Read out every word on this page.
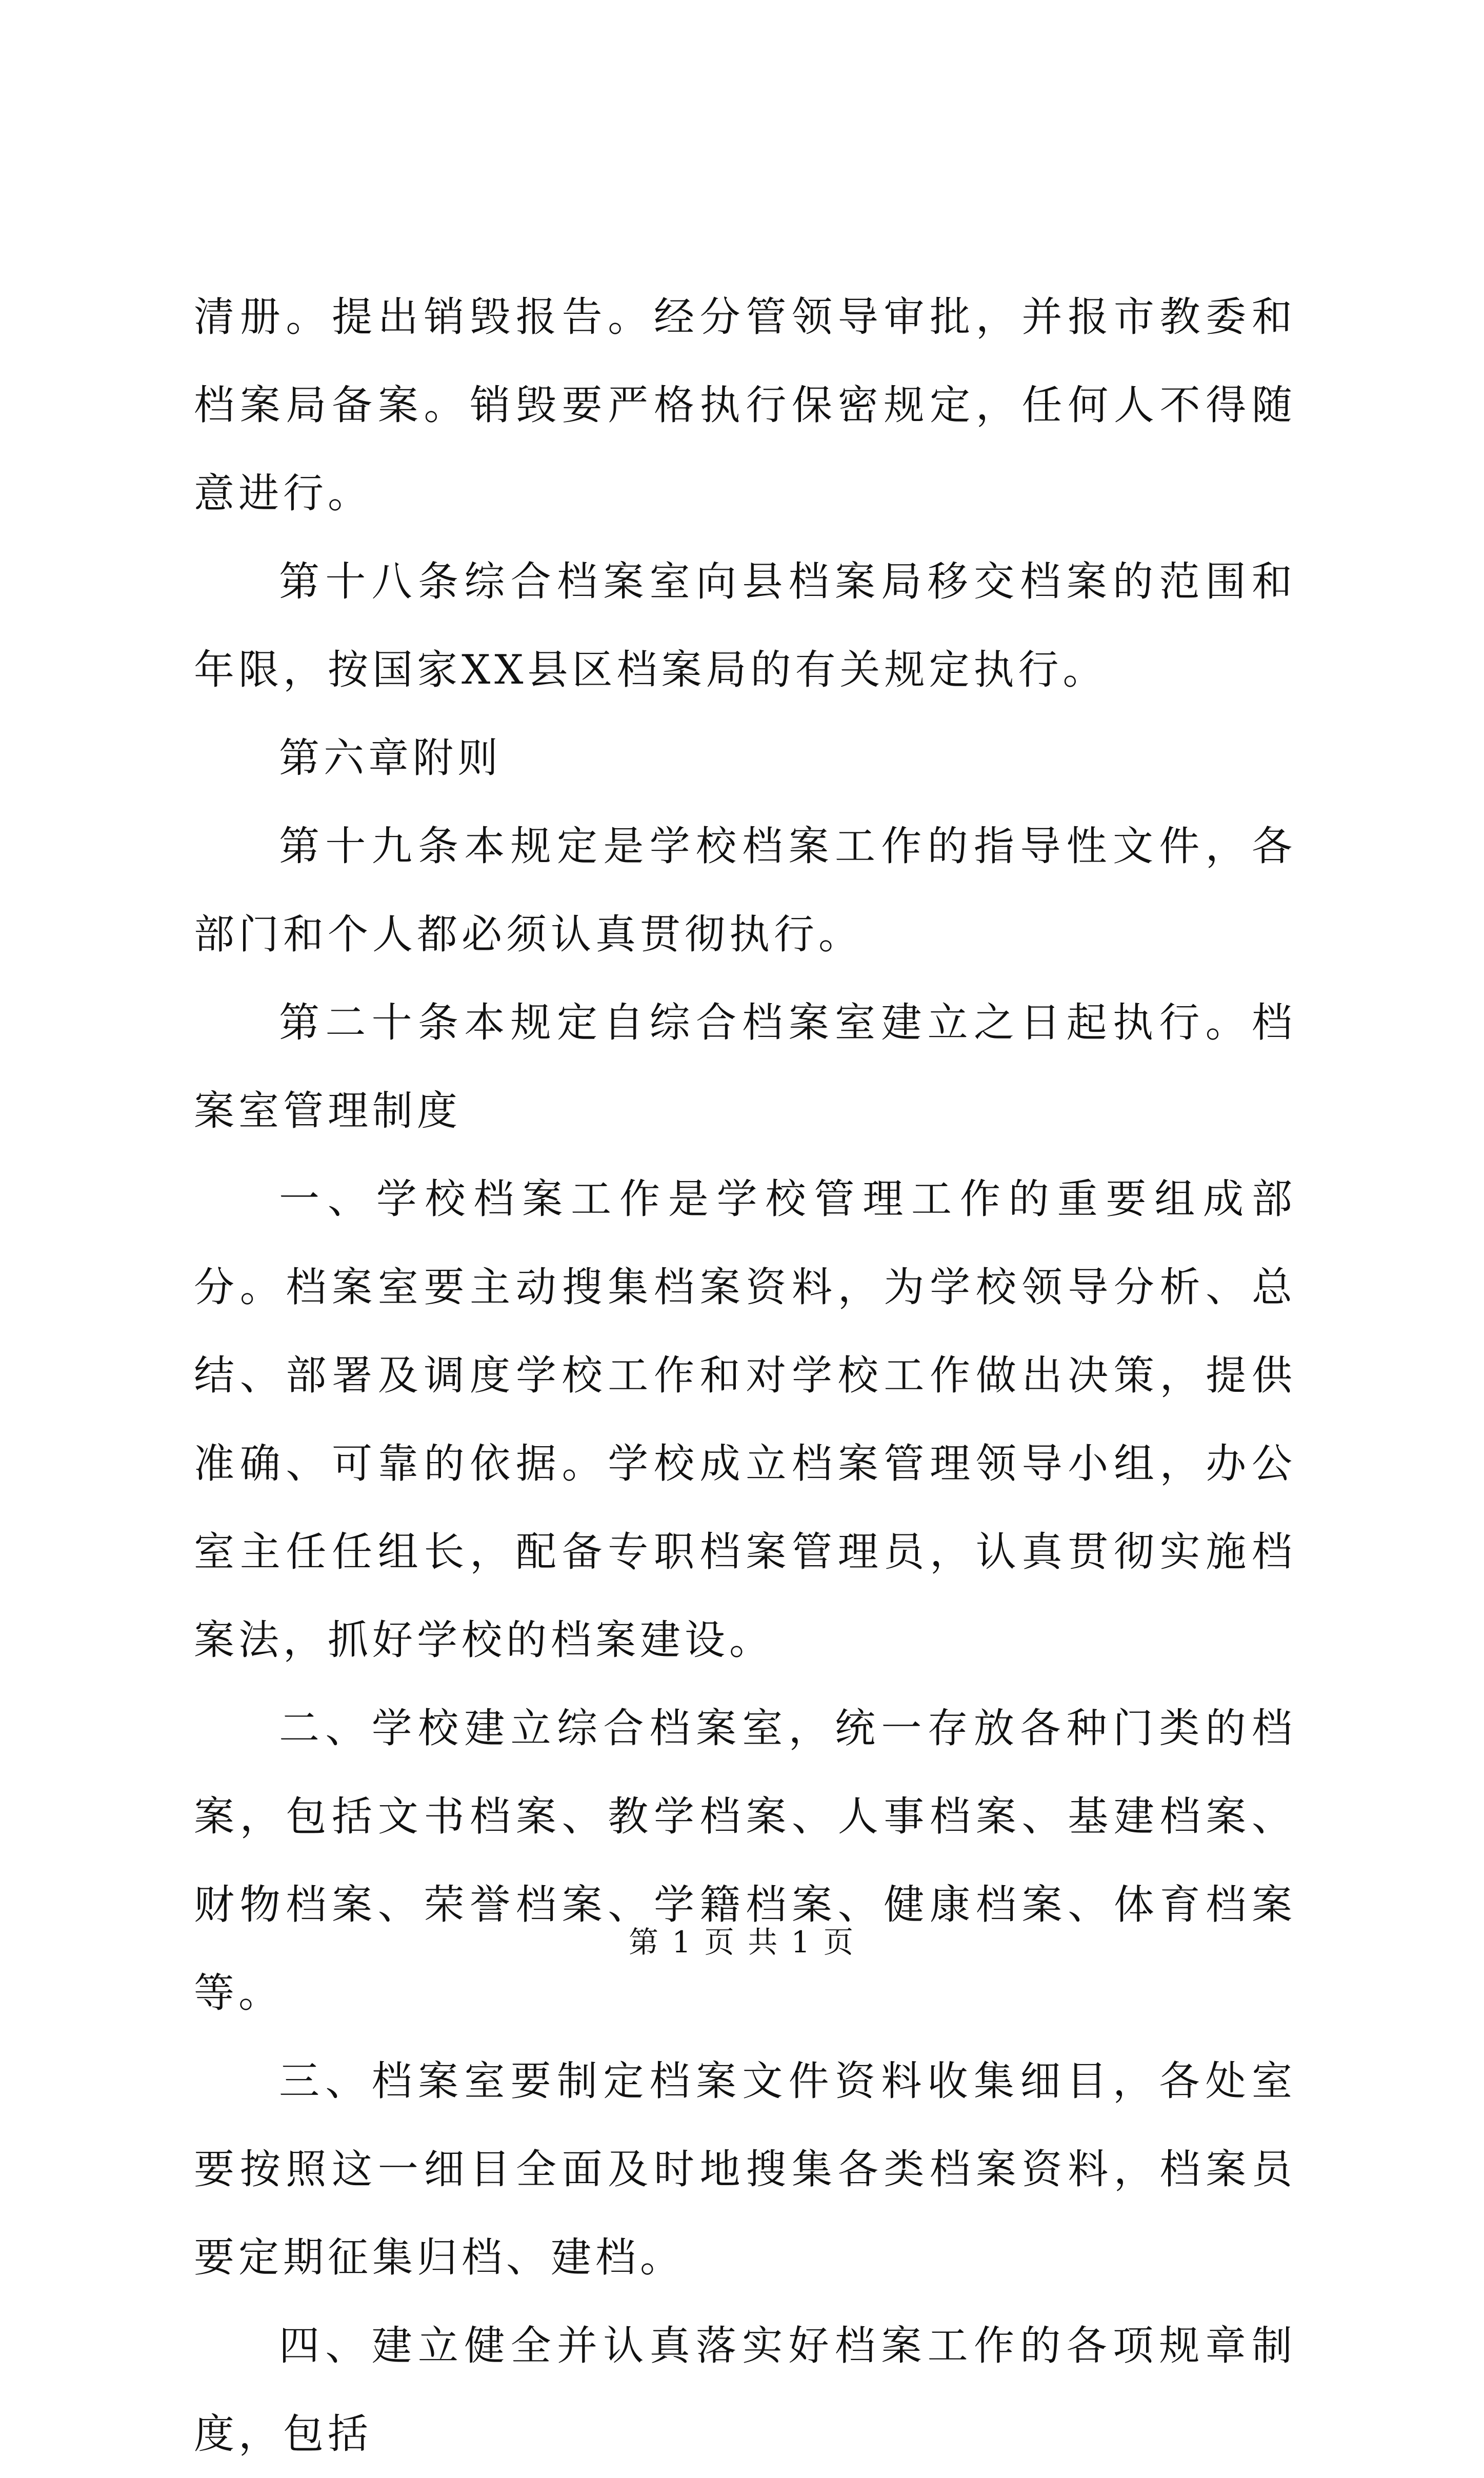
清册。提出销毁报告。经分管领导审批，并报市教委和档案局备案。销毁要严格执行保密规定，任何人不得随意进行。

第十八条综合档案室向县档案局移交档案的范围和年限，按国家XX县区档案局的有关规定执行。

第六章附则

第十九条本规定是学校档案工作的指导性文件，各部门和个人都必须认真贯彻执行。

第二十条本规定自综合档案室建立之日起执行。档案室管理制度

一、学校档案工作是学校管理工作的重要组成部分。档案室要主动搜集档案资料，为学校领导分析、总结、部署及调度学校工作和对学校工作做出决策，提供准确、可靠的依据。学校成立档案管理领导小组，办公室主任任组长，配备专职档案管理员，认真贯彻实施档案法，抓好学校的档案建设。

二、学校建立综合档案室，统一存放各种门类的档案，包括文书档案、教学档案、人事档案、基建档案、财物档案、荣誉档案、学籍档案、健康档案、体育档案等。

三、档案室要制定档案文件资料收集细目，各处室要按照这一细目全面及时地搜集各类档案资料，档案员要定期征集归档、建档。

四、建立健全并认真落实好档案工作的各项规章制度，包括

第 1 页 共 1 页
